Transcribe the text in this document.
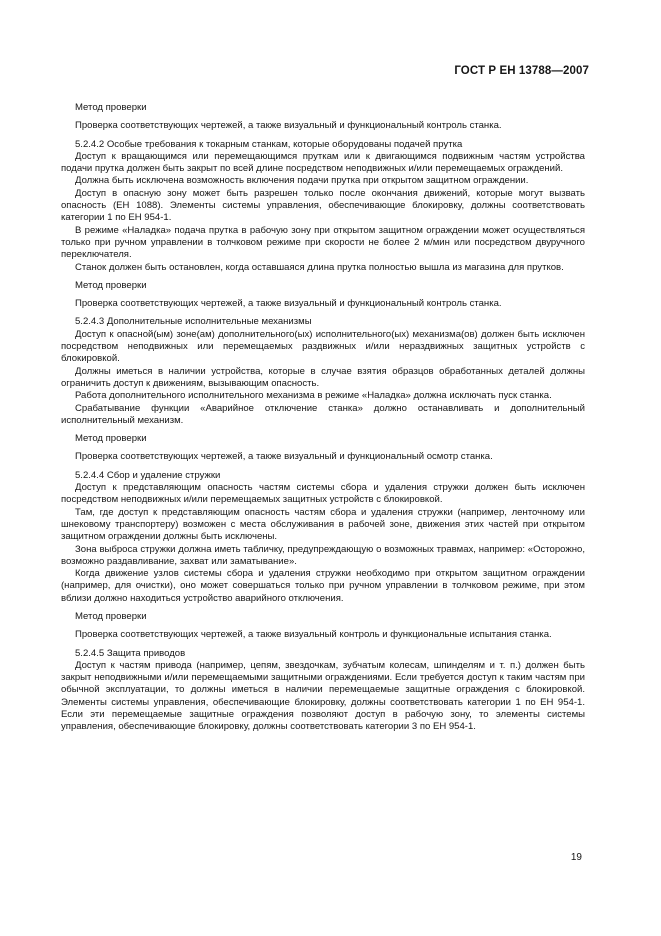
ГОСТ Р ЕН 13788—2007

Метод проверки

Проверка соответствующих чертежей, а также визуальный и функциональный контроль станка.

5.2.4.2 Особые требования к токарным станкам, которые оборудованы подачей прутка

Доступ к вращающимся или перемещающимся пруткам или к двигающимся подвижным частям устройства подачи прутка должен быть закрыт по всей длине посредством неподвижных и/или перемещаемых ограждений.

Должна быть исключена возможность включения подачи прутка при открытом защитном ограждении.

Доступ в опасную зону может быть разрешен только после окончания движений, которые могут вызвать опасность (ЕН 1088). Элементы системы управления, обеспечивающие блокировку, должны соответствовать категории 1 по ЕН 954-1.

В режиме «Наладка» подача прутка в рабочую зону при открытом защитном ограждении может осуществляться только при ручном управлении в толчковом режиме при скорости не более 2 м/мин или посредством двуручного переключателя.

Станок должен быть остановлен, когда оставшаяся длина прутка полностью вышла из магазина для прутков.

Метод проверки

Проверка соответствующих чертежей, а также визуальный и функциональный контроль станка.

5.2.4.3 Дополнительные исполнительные механизмы

Доступ к опасной(ым) зоне(ам) дополнительного(ых) исполнительного(ых) механизма(ов) должен быть исключен посредством неподвижных или перемещаемых раздвижных и/или нераздвижных защитных устройств с блокировкой.

Должны иметься в наличии устройства, которые в случае взятия образцов обработанных деталей должны ограничить доступ к движениям, вызывающим опасность.

Работа дополнительного исполнительного механизма в режиме «Наладка» должна исключать пуск станка.

Срабатывание функции «Аварийное отключение станка» должно останавливать и дополнительный исполнительный механизм.

Метод проверки

Проверка соответствующих чертежей, а также визуальный и функциональный осмотр станка.

5.2.4.4 Сбор и удаление стружки

Доступ к представляющим опасность частям системы сбора и удаления стружки должен быть исключен посредством неподвижных и/или перемещаемых защитных устройств с блокировкой.

Там, где доступ к представляющим опасность частям сбора и удаления стружки (например, ленточному или шнековому транспортеру) возможен с места обслуживания в рабочей зоне, движения этих частей при открытом защитном ограждении должны быть исключены.

Зона выброса стружки должна иметь табличку, предупреждающую о возможных травмах, например: «Осторожно, возможно раздавливание, захват или заматывание».

Когда движение узлов системы сбора и удаления стружки необходимо при открытом защитном ограждении (например, для очистки), оно может совершаться только при ручном управлении в толчковом режиме, при этом вблизи должно находиться устройство аварийного отключения.

Метод проверки

Проверка соответствующих чертежей, а также визуальный контроль и функциональные испытания станка.

5.2.4.5 Защита приводов

Доступ к частям привода (например, цепям, звездочкам, зубчатым колесам, шпинделям и т. п.) должен быть закрыт неподвижными и/или перемещаемыми защитными ограждениями. Если требуется доступ к таким частям при обычной эксплуатации, то должны иметься в наличии перемещаемые защитные ограждения с блокировкой. Элементы системы управления, обеспечивающие блокировку, должны соответствовать категории 1 по ЕН 954-1. Если эти перемещаемые защитные ограждения позволяют доступ в рабочую зону, то элементы системы управления, обеспечивающие блокировку, должны соответствовать категории 3 по ЕН 954-1.

19
